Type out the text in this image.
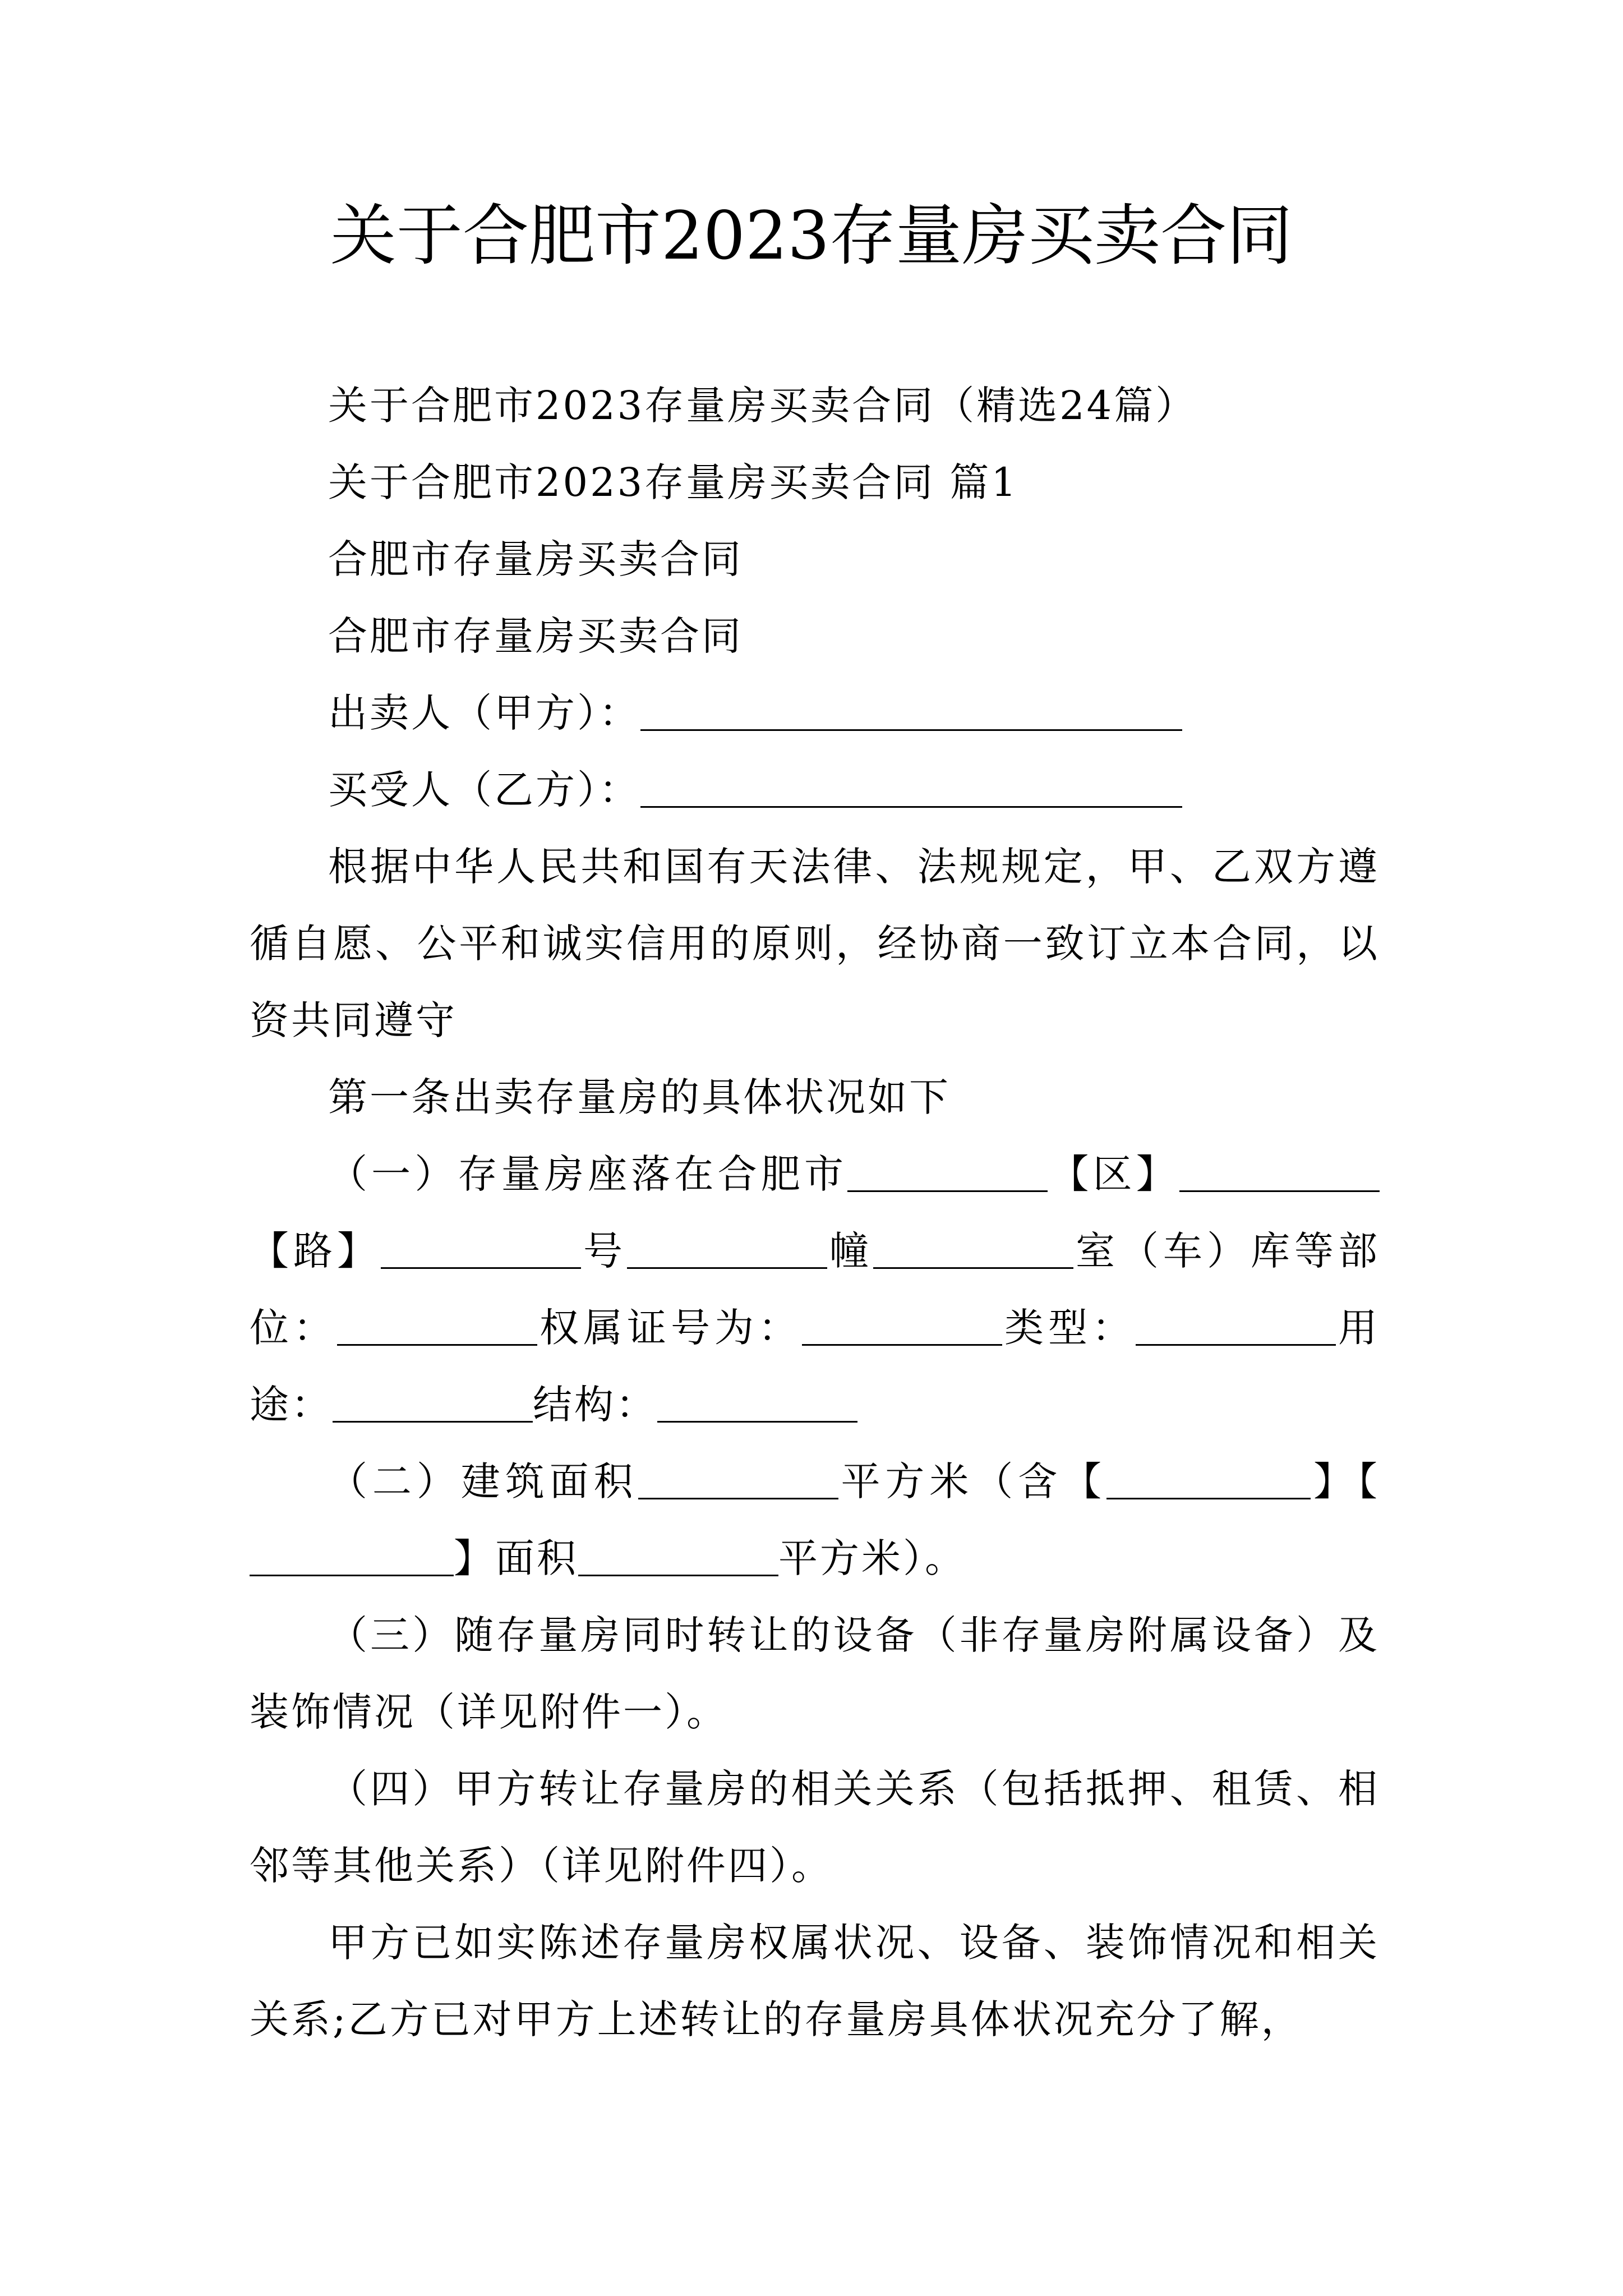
关于合肥市2023存量房买卖合同
关于合肥市2023存量房买卖合同（精选24篇）
关于合肥市2023存量房买卖合同 篇1
合肥市存量房买卖合同
合肥市存量房买卖合同
出卖人（甲方）：
买受人（乙方）：
根据中华人民共和国有天法律、法规规定，甲、乙双方遵循自愿、公平和诚实信用的原则，经协商一致订立本合同，以资共同遵守
第一条出卖存量房的具体状况如下
（一）存量房座落在合肥市	【区】【路】	号	幢	室（车）库等部位：	权属证号为：	类型：	用途：	结构：
（二）建筑面积	平方米（含【	】【】面积	平方米）。
（三）随存量房同时转让的设备（非存量房附属设备）及装饰情况（详见附件一）。
（四）甲方转让存量房的相关关系（包括抵押、租赁、相邻等其他关系）（详见附件四）。
甲方已如实陈述存量房权属状况、设备、装饰情况和相关关系;乙方已对甲方上述转让的存量房具体状况充分了解，
